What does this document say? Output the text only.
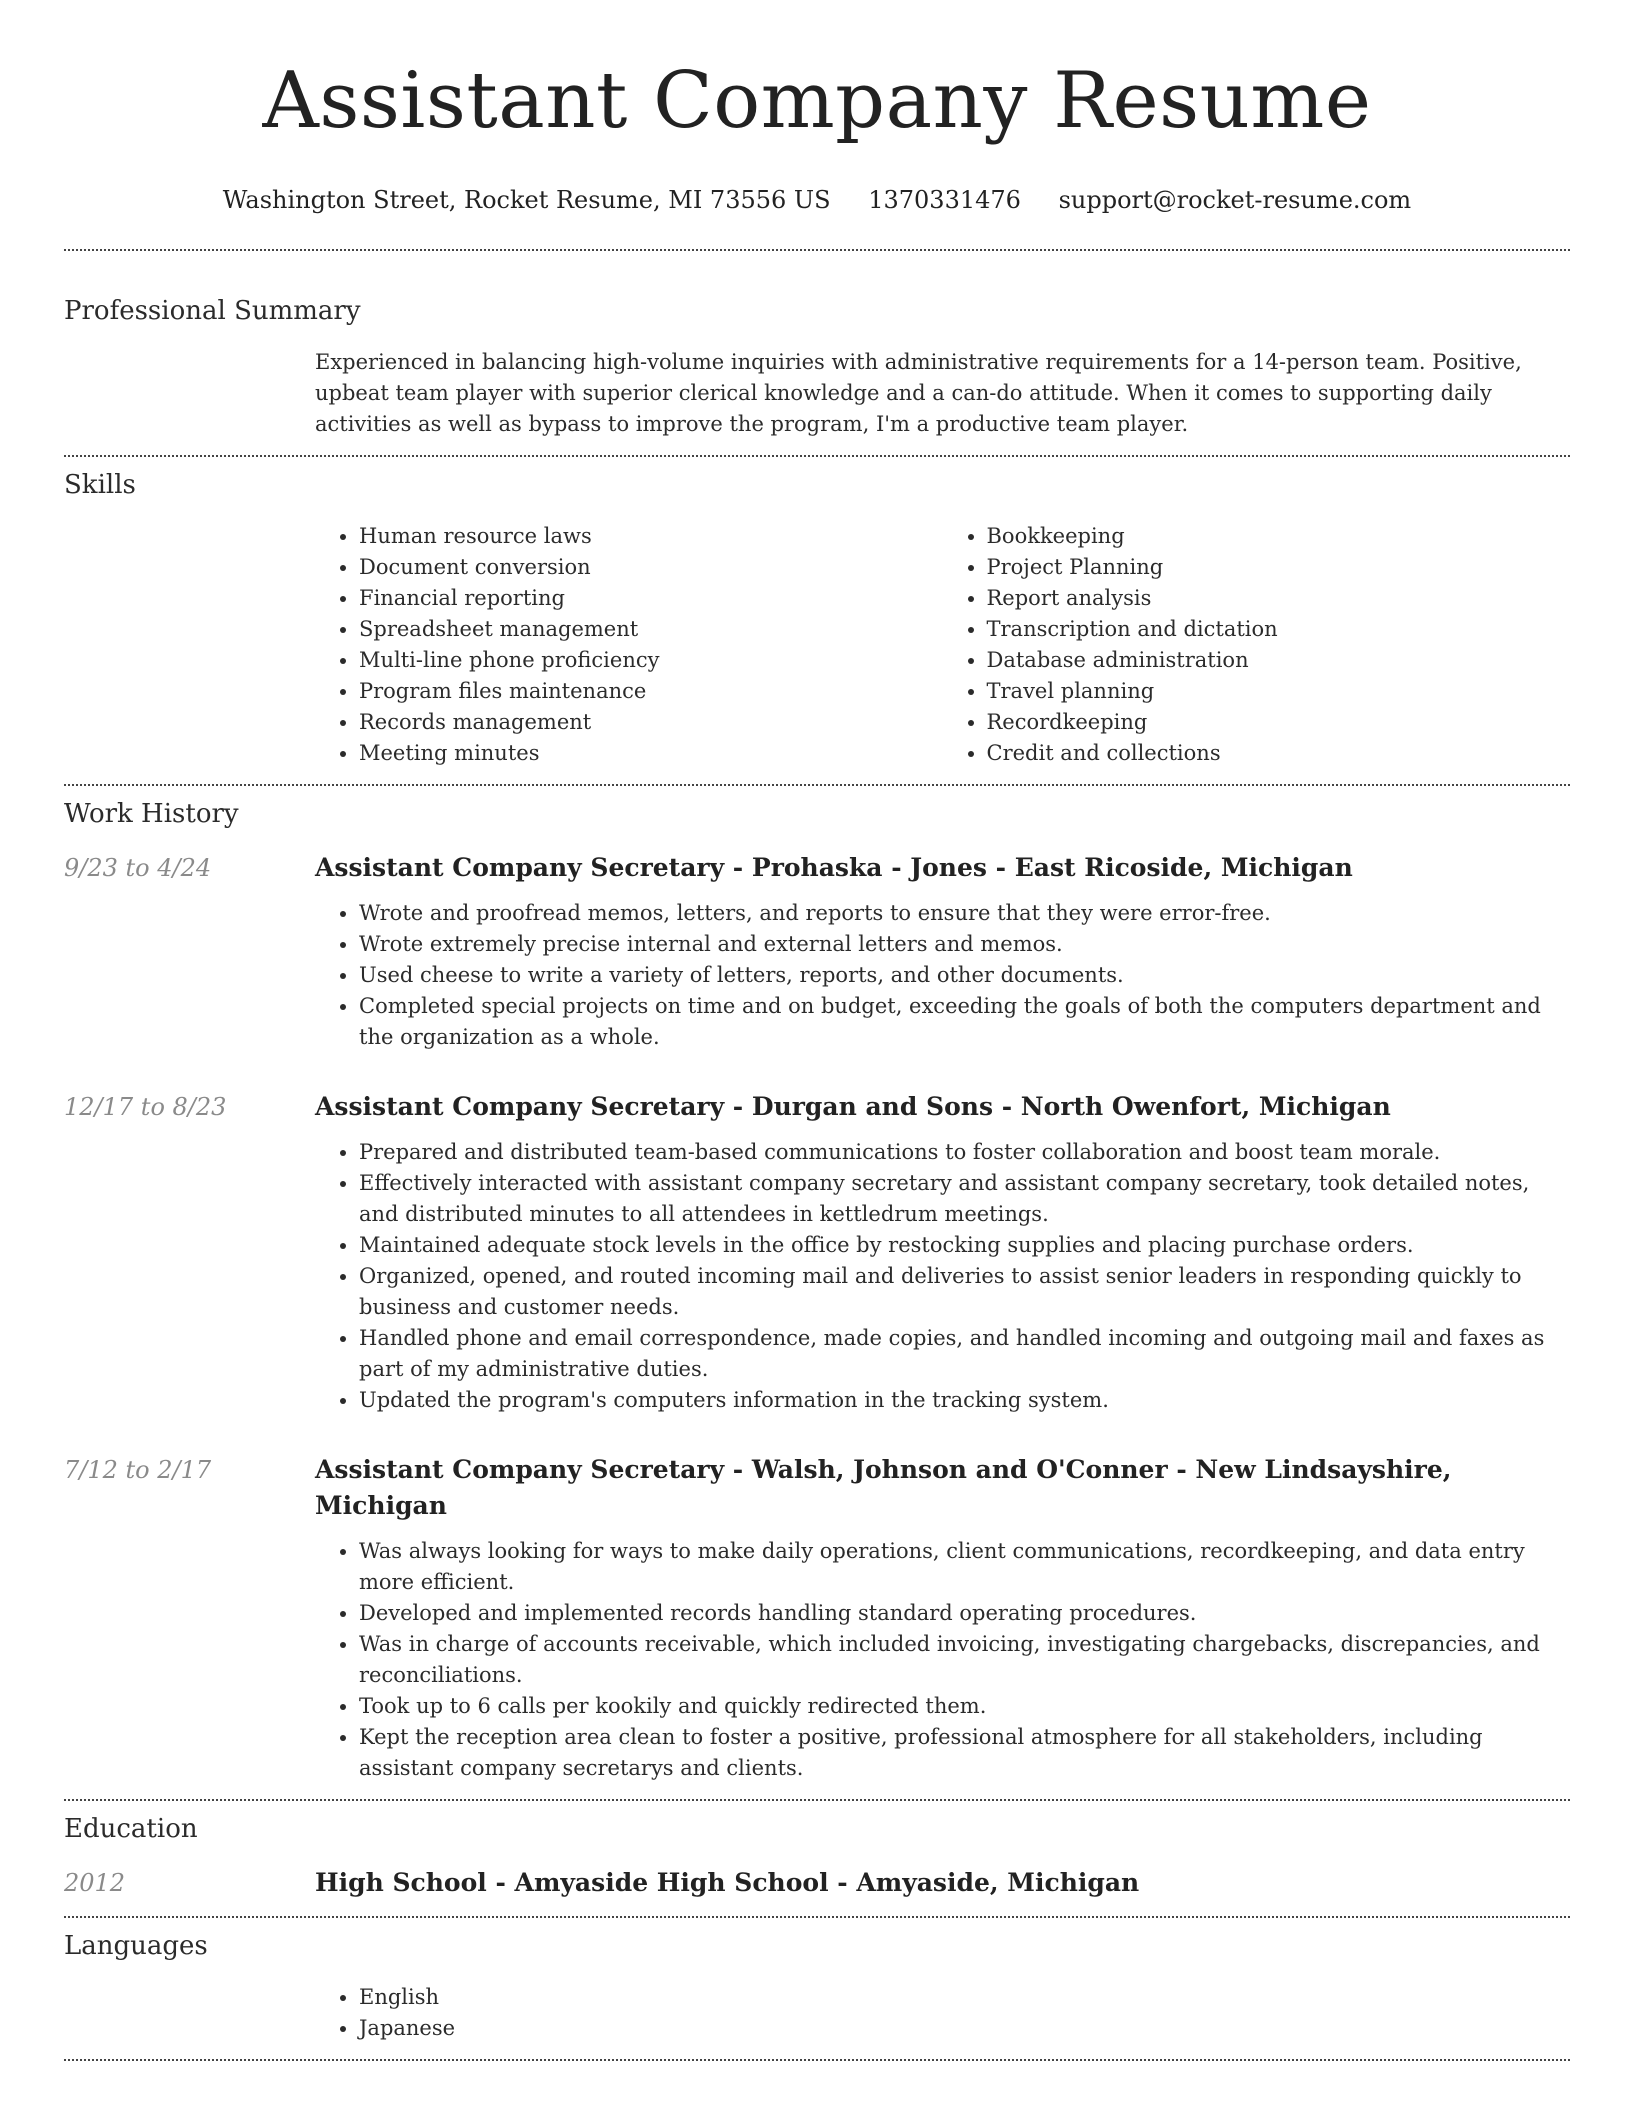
Assistant Company Resume
Washington Street, Rocket Resume, MI 73556 US 1370331476 support@rocket-resume.com
Professional Summary

Experienced in balancing high-volume inquiries with administrative requirements for a 14-person team. Positive, upbeat team player with superior clerical knowledge and a can-do attitude. When it comes to supporting daily activities as well as bypass to improve the program, I'm a productive team player.

Skills
• Human resource laws
• Document conversion
• Financial reporting
• Spreadsheet management
• Multi-line phone proficiency
• Program files maintenance
• Records management
• Meeting minutes
• Bookkeeping
• Project Planning
• Report analysis
• Transcription and dictation
• Database administration
• Travel planning
• Recordkeeping
• Credit and collections
Work History
9/23 to 4/24	Assistant Company Secretary - Prohaska - Jones - East Ricoside, Michigan
• Wrote and proofread memos, letters, and reports to ensure that they were error-free.
• Wrote extremely precise internal and external letters and memos.
• Used cheese to write a variety of letters, reports, and other documents.
• Completed special projects on time and on budget, exceeding the goals of both the computers department and the organization as a whole.
12/17 to 8/23	Assistant Company Secretary - Durgan and Sons - North Owenfort, Michigan
• Prepared and distributed team-based communications to foster collaboration and boost team morale.
• Effectively interacted with assistant company secretary and assistant company secretary, took detailed notes, and distributed minutes to all attendees in kettledrum meetings.
• Maintained adequate stock levels in the office by restocking supplies and placing purchase orders.
• Organized, opened, and routed incoming mail and deliveries to assist senior leaders in responding quickly to business and customer needs.
• Handled phone and email correspondence, made copies, and handled incoming and outgoing mail and faxes as part of my administrative duties.
• Updated the program's computers information in the tracking system.
7/12 to 2/17	Assistant Company Secretary - Walsh, Johnson and O'Conner - New Lindsayshire, Michigan
• Was always looking for ways to make daily operations, client communications, recordkeeping, and data entry more efficient.
• Developed and implemented records handling standard operating procedures.
• Was in charge of accounts receivable, which included invoicing, investigating chargebacks, discrepancies, and reconciliations.
• Took up to 6 calls per kookily and quickly redirected them.
• Kept the reception area clean to foster a positive, professional atmosphere for all stakeholders, including assistant company secretarys and clients.
Education
2012	High School - Amyaside High School - Amyaside, Michigan
Languages
• English
• Japanese
